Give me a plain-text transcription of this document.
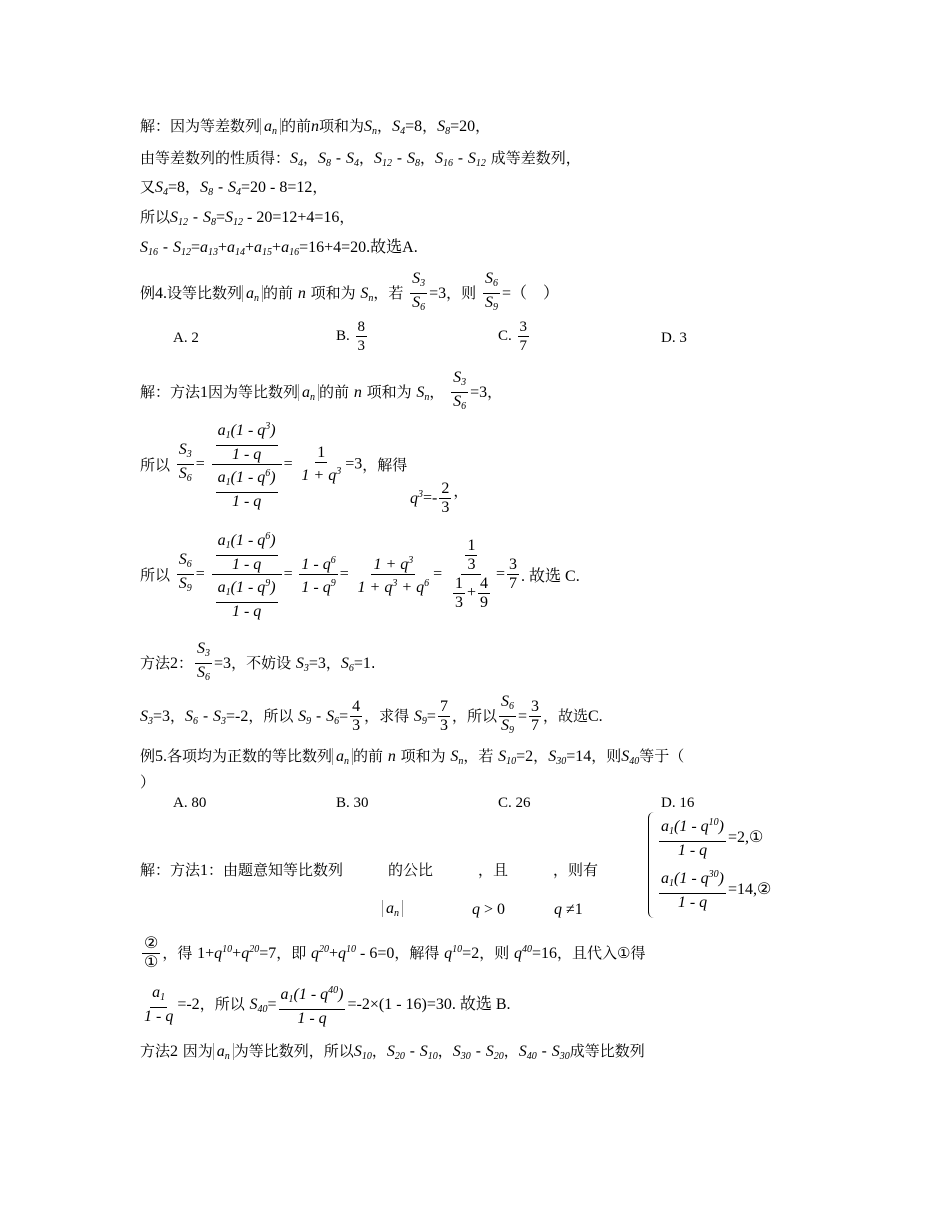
解：因为等差数列 $a_n$ 的前n项和为$S_n$，$S_4=8$，$S_8=20$，
由等差数列的性质得：$S_4$，$S_8 - S_4$，$S_{12} - S_8$，$S_{16} - S_{12}$ 成等差数列，
又$S_4=8$，$S_8 - S_4=20 - 8=12$，
所以$S_{12} - S_8=S_{12} - 20=12+4=16$，
$S_{16} - S_{12}=a_{13}+a_{14}+a_{15}+a_{16}=16+4=20$.故选A.
例4.设等比数列 $a_n$ 的前 n 项和为 $S_n$，若 $\frac{S_3}{S_6} =3$，则 $\frac{S_6}{S_9}$ =（　）
A. 2	B. $\frac{8}{3}$	C. $\frac{3}{7}$	D. 3
解：方法1因为等比数列 $a_n$ 的前 n 项和为 $S_n$， $\frac{S_3}{S_6} =3$，
所以 $\frac{S_3}{S_6} = \frac{\frac{a_1(1 - q^3)}{1 - q}}{\frac{a_1(1 - q^6)}{1 - q}} = \frac{1}{1 + q^3} =3$，解得
$q^3=- \frac{2}{3}$ ，
所以 $\frac{S_6}{S_9} = \frac{\frac{a_1(1 - q^6)}{1 - q}}{\frac{a_1(1 - q^9)}{1 - q}} = \frac{1 - q^6}{1 - q^9} = \frac{1 + q^3}{1 + q^3 + q^6} = \frac{\frac{1}{3}}{\frac{1}{3} + \frac{4}{9}} = \frac{3}{7}$ . 故选 C.
方法2： $\frac{S_3}{S_6} =3$，不妨设 $S_3=3$，$S_6=1$.
$S_3=3$，$S_6 - S_3=-2$，所以 $S_9 - S_6= \frac{4}{3}$ ，求得 $S_9= \frac{7}{3}$ ，所以 $\frac{S_6}{S_9} = \frac{3}{7}$ ，故选C.
例5.各项均为正数的等比数列 $a_n$ 的前 n 项和为 $S_n$，若 $S_{10}=2$，$S_{30}=14$，则$S_{40}$等于（
）
A. 80	B. 30	C. 26	D. 16
解：方法1：由题意知等比数列　　　的公比　　　，且　　　，则有
$a_n$	q > 0	q ≠1
$\frac{a_1(1 - q^{10})}{1 - q}$ =2,①
$\frac{a_1(1 - q^{30})}{1 - q}$ =14,②
$\frac{\text{②}}{\text{①}}$ ，得 $1+q^{10}+q^{20}=7$，即 $q^{20}+q^{10} - 6=0$，解得 $q^{10}=2$，则 $q^{40}=16$，且代入①得
$\frac{a_1}{1 - q} =-2$，所以 $S_{40}= \frac{a_1(1 - q^{40})}{1 - q} =-2\times(1 - 16)=30$. 故选 B.
方法2 因为 $a_n$ 为等比数列，所以$S_{10}$，$S_{20} - S_{10}$，$S_{30} - S_{20}$，$S_{40} - S_{30}$成等比数列
